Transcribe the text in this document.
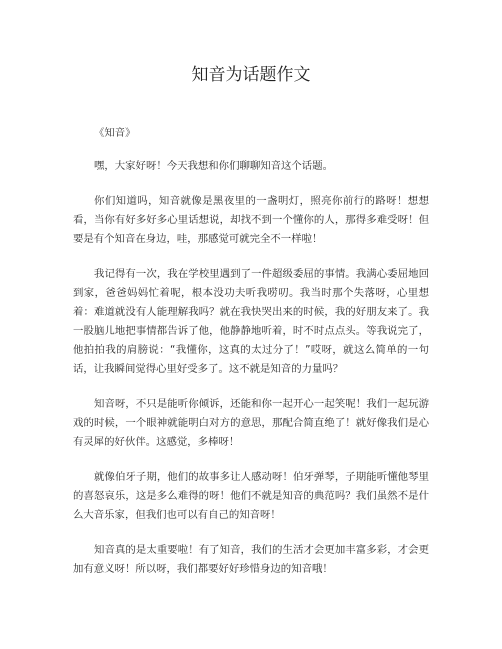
知音为话题作文

《知音》

嘿，大家好呀！今天我想和你们聊聊知音这个话题。

你们知道吗，知音就像是黑夜里的一盏明灯，照亮你前行的路呀！想想看，当你有好多好多心里话想说，却找不到一个懂你的人，那得多难受呀！但要是有个知音在身边，哇，那感觉可就完全不一样啦！

我记得有一次，我在学校里遇到了一件超级委屈的事情。我满心委屈地回到家，爸爸妈妈忙着呢，根本没功夫听我唠叨。我当时那个失落呀，心里想着：难道就没有人能理解我吗？就在我快哭出来的时候，我的好朋友来了。我一股脑儿地把事情都告诉了他，他静静地听着，时不时点点头。等我说完了，他拍拍我的肩膀说：“我懂你，这真的太过分了！”哎呀，就这么简单的一句话，让我瞬间觉得心里好受多了。这不就是知音的力量吗？

知音呀，不只是能听你倾诉，还能和你一起开心一起笑呢！我们一起玩游戏的时候，一个眼神就能明白对方的意思，那配合简直绝了！就好像我们是心有灵犀的好伙伴。这感觉，多棒呀！

就像伯牙子期，他们的故事多让人感动呀！伯牙弹琴，子期能听懂他琴里的喜怒哀乐，这是多么难得的呀！他们不就是知音的典范吗？我们虽然不是什么大音乐家，但我们也可以有自己的知音呀！

知音真的是太重要啦！有了知音，我们的生活才会更加丰富多彩，才会更加有意义呀！所以呀，我们都要好好珍惜身边的知音哦！
